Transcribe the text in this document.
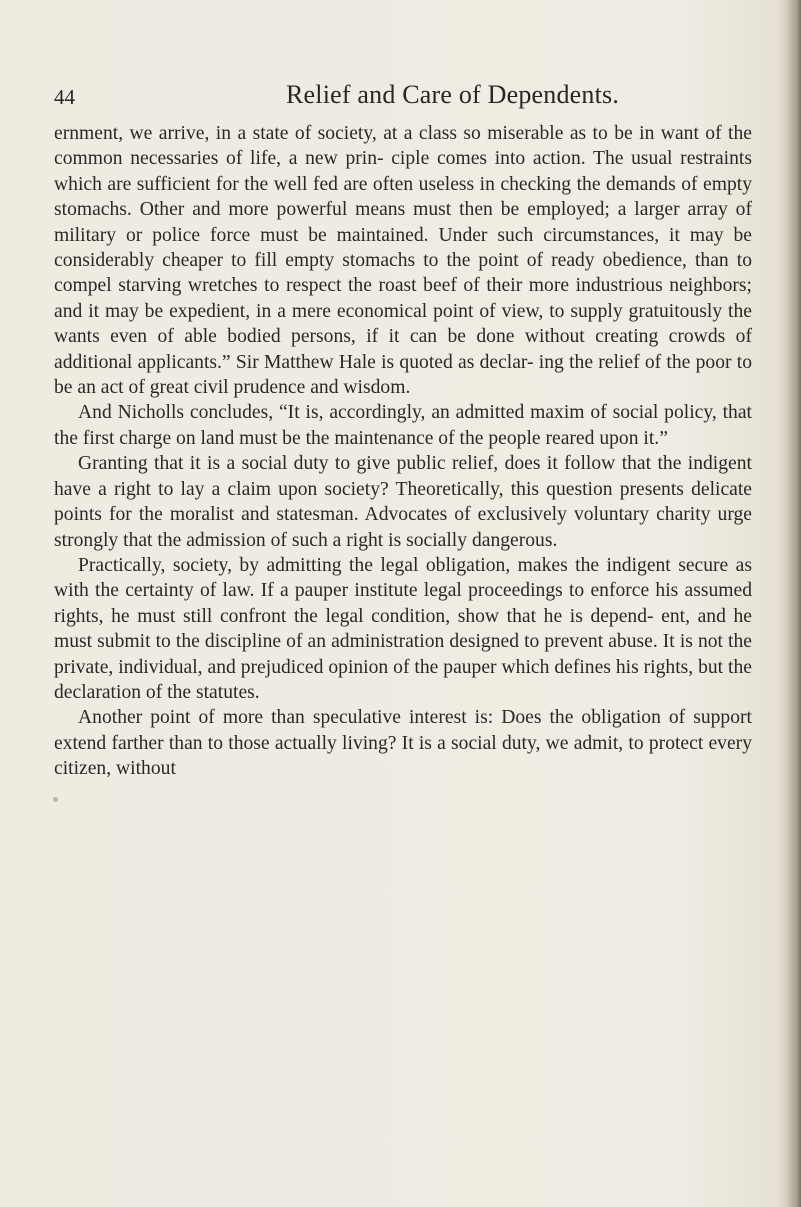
44	Relief and Care of Dependents.

ernment, we arrive, in a state of society, at a class so miserable as to be in want of the common necessaries of life, a new prin- ciple comes into action. The usual restraints which are sufficient for the well fed are often useless in checking the demands of empty stomachs. Other and more powerful means must then be employed; a larger array of military or police force must be maintained. Under such circumstances, it may be considerably cheaper to fill empty stomachs to the point of ready obedience, than to compel starving wretches to respect the roast beef of their more industrious neighbors; and it may be expedient, in a mere economical point of view, to supply gratuitously the wants even of able bodied persons, if it can be done without creating crowds of additional applicants.” Sir Matthew Hale is quoted as declar- ing the relief of the poor to be an act of great civil prudence and wisdom.

And Nicholls concludes, “It is, accordingly, an admitted maxim of social policy, that the first charge on land must be the maintenance of the people reared upon it.”

Granting that it is a social duty to give public relief, does it follow that the indigent have a right to lay a claim upon society? Theoretically, this question presents delicate points for the moralist and statesman. Advocates of exclusively voluntary charity urge strongly that the admission of such a right is socially dangerous.

Practically, society, by admitting the legal obligation, makes the indigent secure as with the certainty of law. If a pauper institute legal proceedings to enforce his assumed rights, he must still confront the legal condition, show that he is depend- ent, and he must submit to the discipline of an administration designed to prevent abuse. It is not the private, individual, and prejudiced opinion of the pauper which defines his rights, but the declaration of the statutes.

Another point of more than speculative interest is: Does the obligation of support extend farther than to those actually living? It is a social duty, we admit, to protect every citizen, without
